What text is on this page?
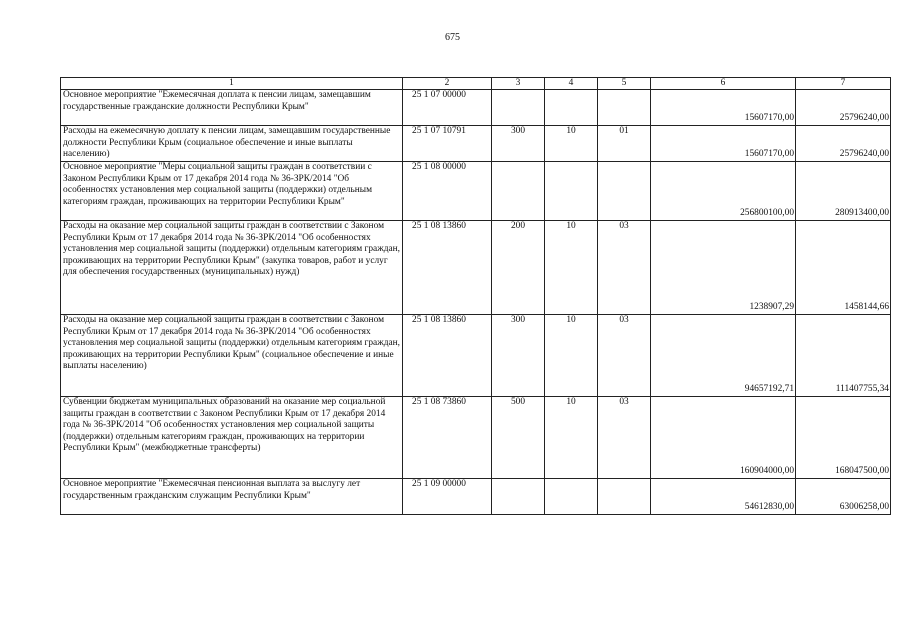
675
1	2	3	4	5	6	7
Основное мероприятие "Ежемесячная доплата к пенсии лицам, замещавшим государственные гражданские должности Республики Крым"	25 1 07 00000				15607170,00	25796240,00
Расходы на ежемесячную доплату к пенсии лицам, замещавшим государственные должности Республики Крым (социальное обеспечение и иные выплаты населению)	25 1 07 10791	300	10	01	15607170,00	25796240,00
Основное мероприятие "Меры социальной защиты граждан в соответствии с Законом Республики Крым от 17 декабря 2014 года № 36-ЗРК/2014 "Об особенностях установления мер социальной защиты (поддержки) отдельным категориям граждан, проживающих на территории Республики Крым"	25 1 08 00000				256800100,00	280913400,00
Расходы на оказание мер социальной защиты граждан в соответствии с Законом Республики Крым от 17 декабря 2014 года № 36-ЗРК/2014 "Об особенностях установления мер социальной защиты (поддержки) отдельным категориям граждан, проживающих на территории Республики Крым" (закупка товаров, работ и услуг для обеспечения государственных (муниципальных) нужд)	25 1 08 13860	200	10	03	1238907,29	1458144,66
Расходы на оказание мер социальной защиты граждан в соответствии с Законом Республики Крым от 17 декабря 2014 года № 36-ЗРК/2014 "Об особенностях установления мер социальной защиты (поддержки) отдельным категориям граждан, проживающих на территории Республики Крым" (социальное обеспечение и иные выплаты населению)	25 1 08 13860	300	10	03	94657192,71	111407755,34
Субвенции бюджетам муниципальных образований на оказание мер социальной защиты граждан в соответствии с Законом Республики Крым от 17 декабря 2014 года № 36-ЗРК/2014 "Об особенностях установления мер социальной защиты (поддержки) отдельным категориям граждан, проживающих на территории Республики Крым" (межбюджетные трансферты)	25 1 08 73860	500	10	03	160904000,00	168047500,00
Основное мероприятие "Ежемесячная пенсионная выплата за выслугу лет государственным гражданским служащим Республики Крым"	25 1 09 00000				54612830,00	63006258,00
